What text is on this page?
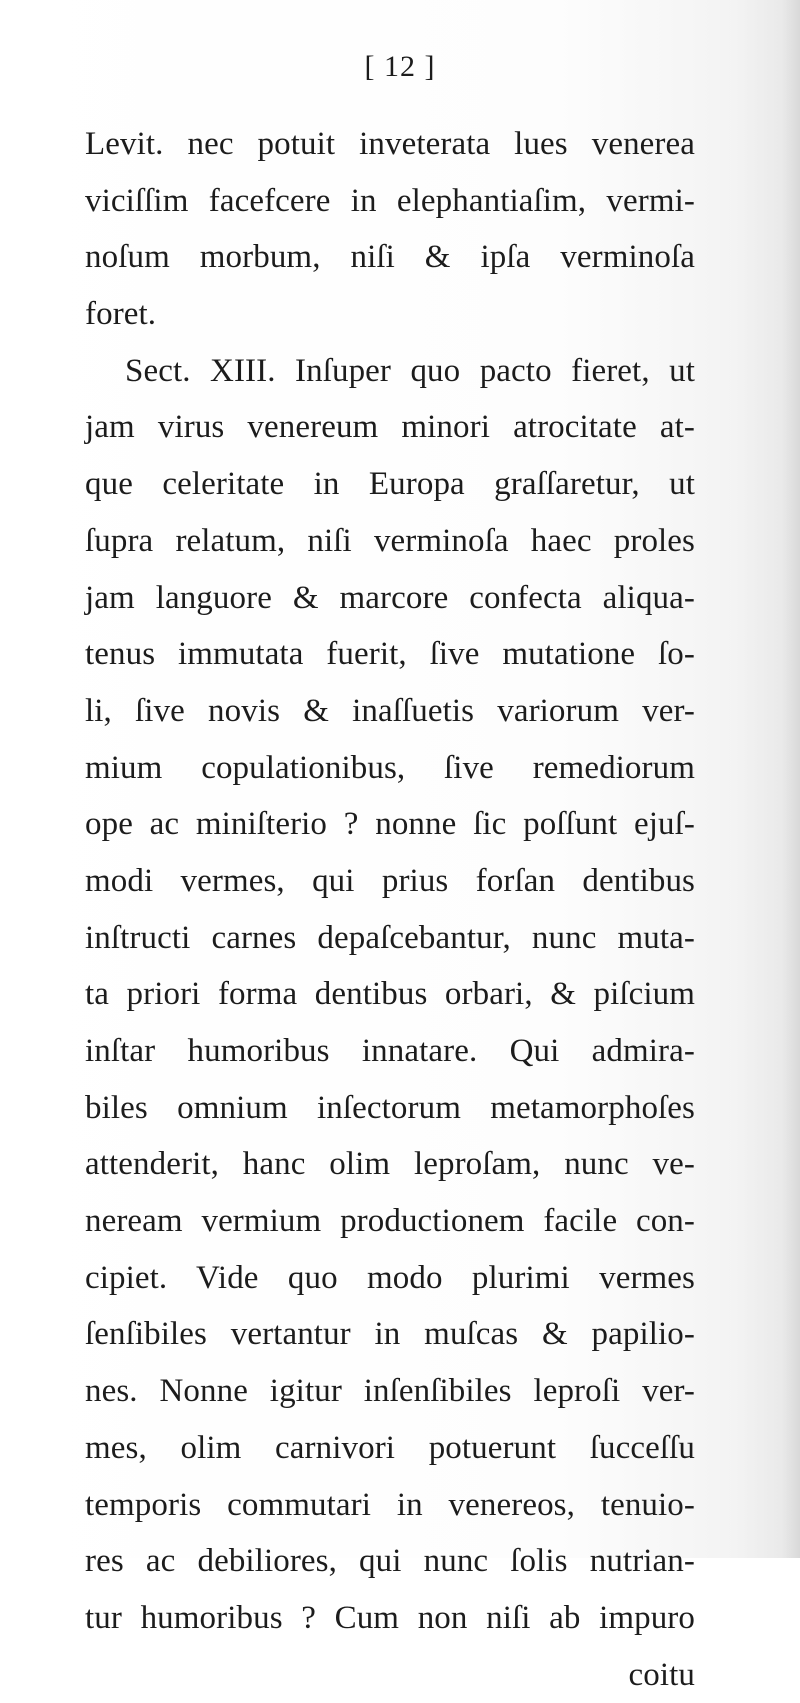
[ 12 ]
Levit. nec potuit inveterata lues venerea
viciſſim facefcere in elephantiaſim, vermi-
noſum morbum, niſi & ipſa verminoſa
foret.
Sect. XIII. Inſuper quo pacto fieret, ut
jam virus venereum minori atrocitate at-
que celeritate in Europa graſſaretur, ut
ſupra relatum, niſi verminoſa haec proles
jam languore & marcore confecta aliqua-
tenus immutata fuerit, ſive mutatione ſo-
li, ſive novis & inaſſuetis variorum ver-
mium copulationibus, ſive remediorum
ope ac miniſterio ? nonne ſic poſſunt ejuſ-
modi vermes, qui prius forſan dentibus
inſtructi carnes depaſcebantur, nunc muta-
ta priori forma dentibus orbari, & piſcium
inſtar humoribus innatare. Qui admira-
biles omnium inſectorum metamorphoſes
attenderit, hanc olim leproſam, nunc ve-
neream vermium productionem facile con-
cipiet. Vide quo modo plurimi vermes
ſenſibiles vertantur in muſcas & papilio-
nes. Nonne igitur inſenſibiles leproſi ver-
mes, olim carnivori potuerunt ſucceſſu
temporis commutari in venereos, tenuio-
res ac debiliores, qui nunc ſolis nutrian-
tur humoribus ? Cum non niſi ab impuro
coitu
